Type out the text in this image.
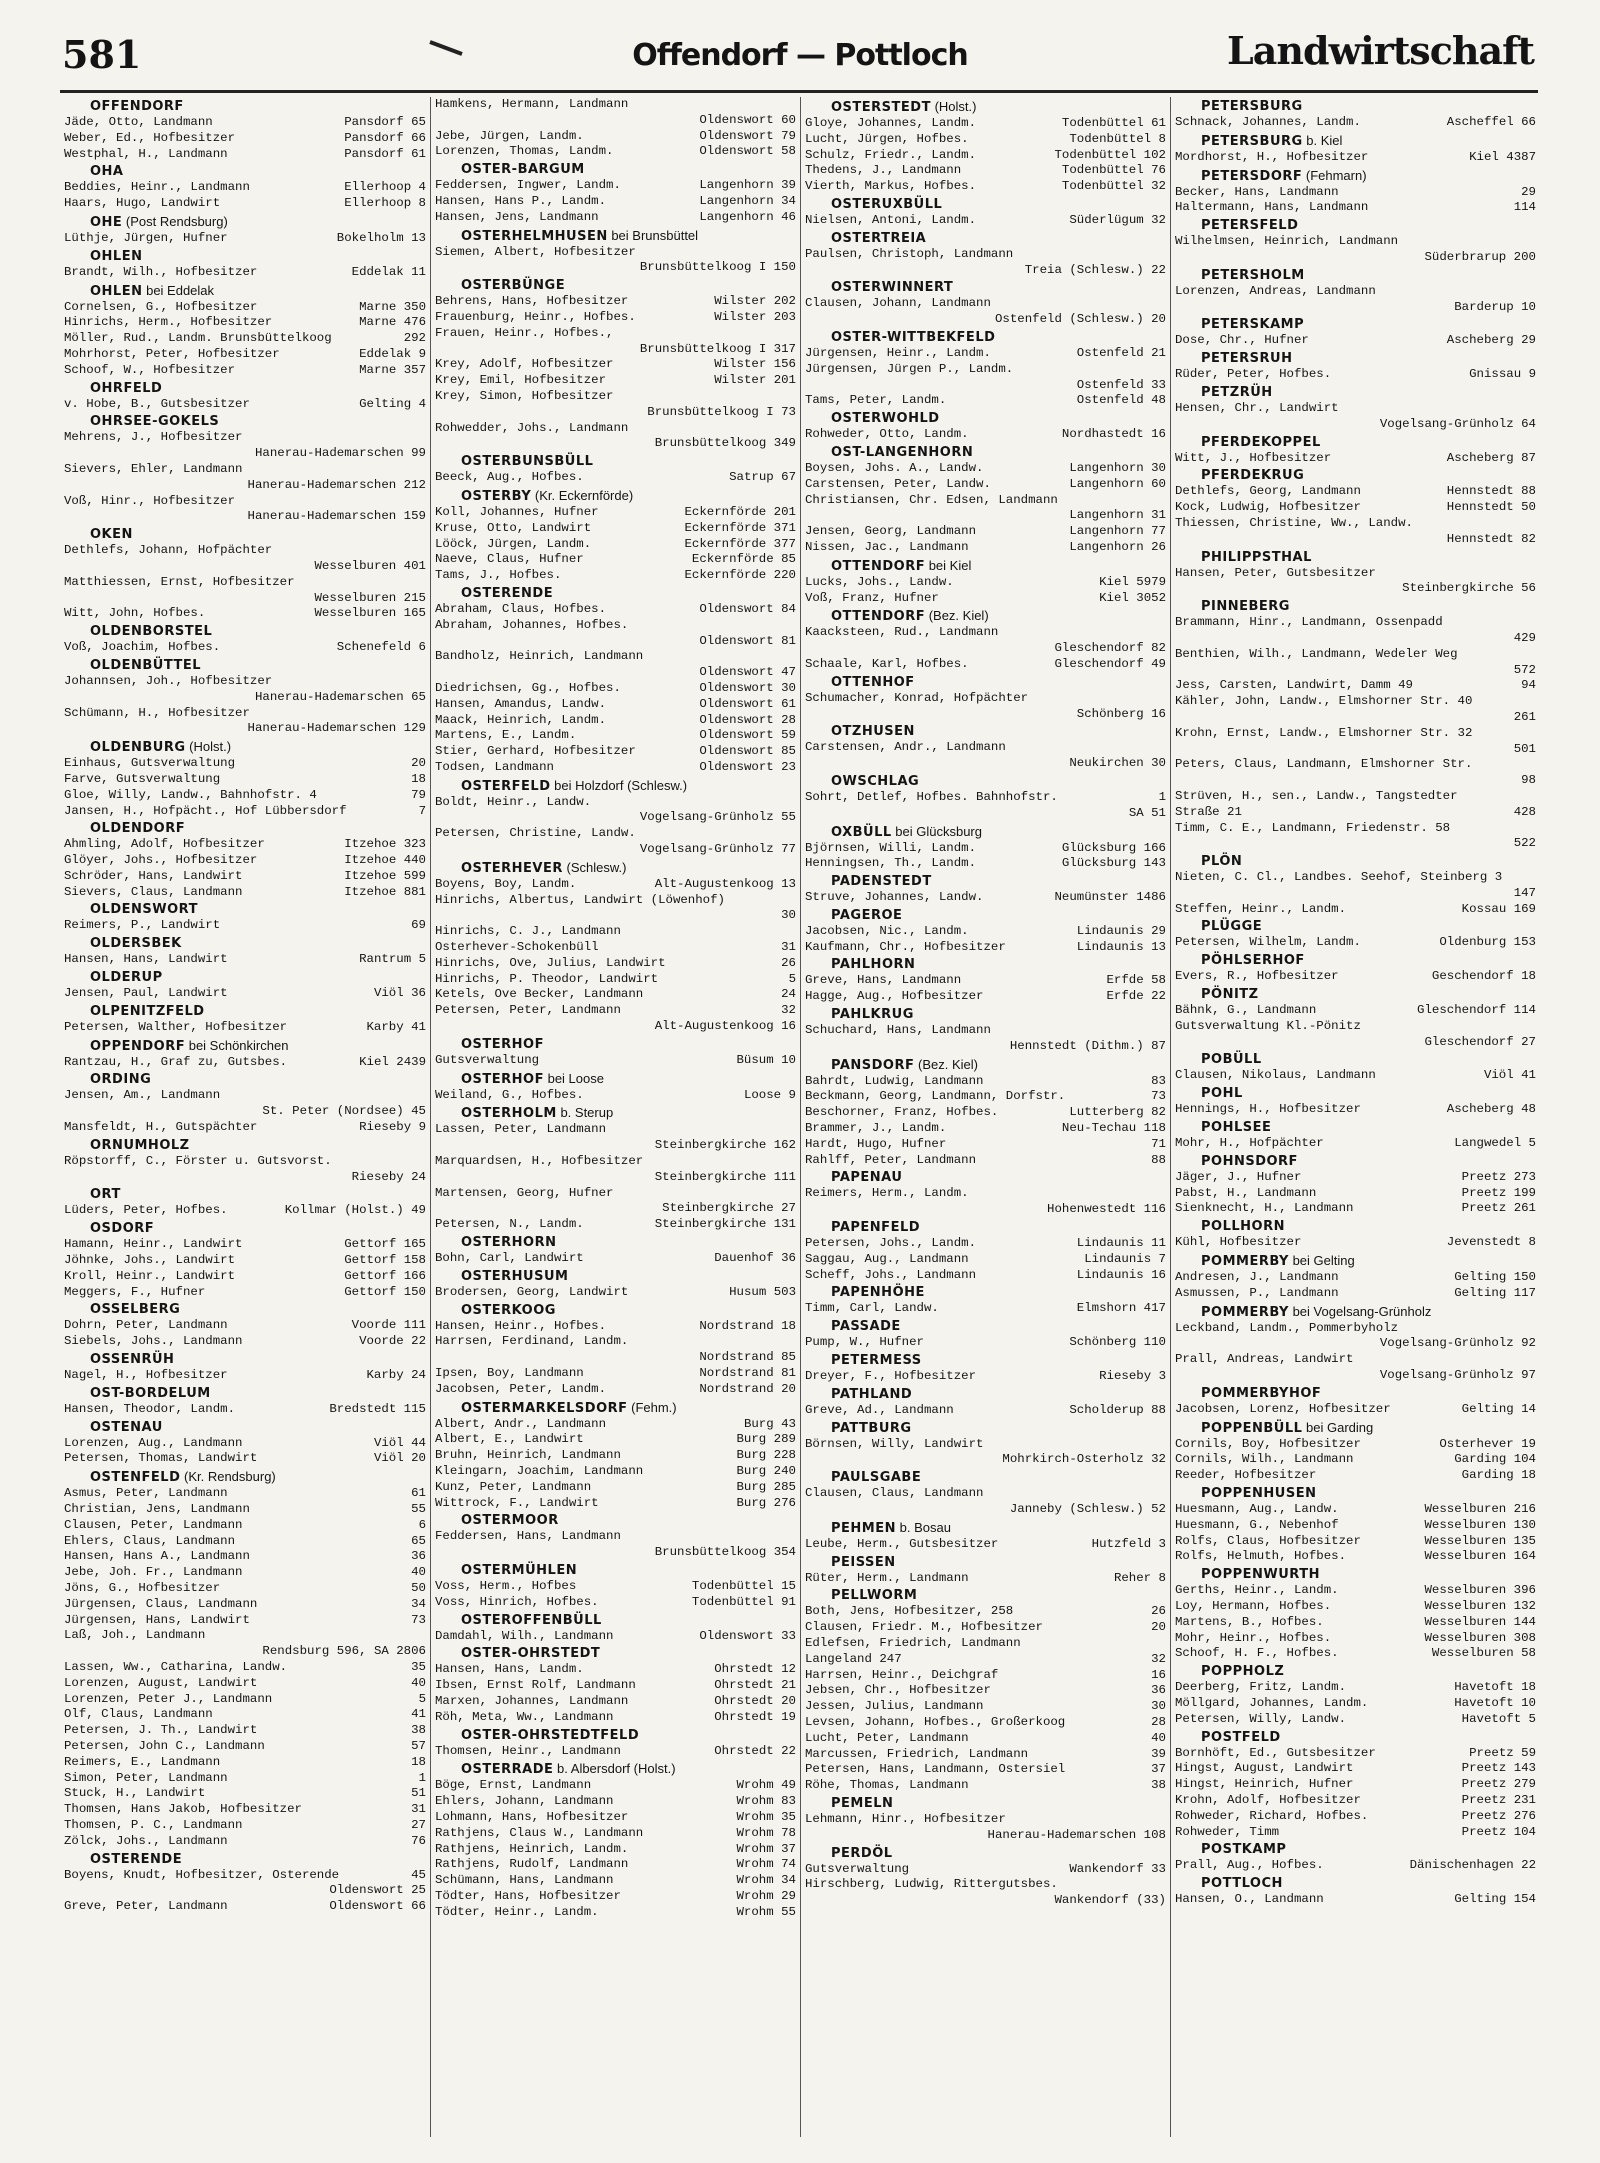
581	Offendorf — Pottloch	Landwirtschaft
OFFENDORF
Jäde, Otto, Landmann	Pansdorf 65
Weber, Ed., Hofbesitzer	Pansdorf 66
Westphal, H., Landmann	Pansdorf 61
OHA
Beddies, Heinr., Landmann	Ellerhoop 4
Haars, Hugo, Landwirt	Ellerhoop 8
OHE (Post Rendsburg)
Lüthje, Jürgen, Hufner	Bokelholm 13
OHLEN
Brandt, Wilh., Hofbesitzer	Eddelak 11
OHLEN bei Eddelak
Cornelsen, G., Hofbesitzer	Marne 350
Hinrichs, Herm., Hofbesitzer	Marne 476
Möller, Rud., Landm. Brunsbüttelkoog	292
Mohrhorst, Peter, Hofbesitzer	Eddelak 9
Schoof, W., Hofbesitzer	Marne 357
OHRFELD
v. Hobe, B., Gutsbesitzer	Gelting 4
OHRSEE-GOKELS
Mehrens, J., Hofbesitzer
Hanerau-Hademarschen 99
Sievers, Ehler, Landmann
Hanerau-Hademarschen 212
Voß, Hinr., Hofbesitzer
Hanerau-Hademarschen 159
OKEN
Dethlefs, Johann, Hofpächter
Wesselburen 401
Matthiessen, Ernst, Hofbesitzer
Wesselburen 215
Witt, John, Hofbes.	Wesselburen 165
OLDENBORSTEL
Voß, Joachim, Hofbes.	Schenefeld 6
OLDENBÜTTEL
Johannsen, Joh., Hofbesitzer
Hanerau-Hademarschen 65
Schümann, H., Hofbesitzer
Hanerau-Hademarschen 129
OLDENBURG (Holst.)
Einhaus, Gutsverwaltung	20
Farve, Gutsverwaltung	18
Gloe, Willy, Landw., Bahnhofstr. 4	79
Jansen, H., Hofpächt., Hof Lübbersdorf	7
OLDENDORF
Ahmling, Adolf, Hofbesitzer	Itzehoe 323
Glöyer, Johs., Hofbesitzer	Itzehoe 440
Schröder, Hans, Landwirt	Itzehoe 599
Sievers, Claus, Landmann	Itzehoe 881
OLDENSWORT
Reimers, P., Landwirt	69
OLDERSBEK
Hansen, Hans, Landwirt	Rantrum 5
OLDERUP
Jensen, Paul, Landwirt	Viöl 36
OLPENITZFELD
Petersen, Walther, Hofbesitzer	Karby 41
OPPENDORF bei Schönkirchen
Rantzau, H., Graf zu, Gutsbes.	Kiel 2439
ORDING
Jensen, Am., Landmann
St. Peter (Nordsee) 45
Mansfeldt, H., Gutspächter	Rieseby 9
ORNUMHOLZ
Röpstorff, C., Förster u. Gutsvorst.
Rieseby 24
ORT
Lüders, Peter, Hofbes.	Kollmar (Holst.) 49
OSDORF
Hamann, Heinr., Landwirt	Gettorf 165
Jöhnke, Johs., Landwirt	Gettorf 158
Kroll, Heinr., Landwirt	Gettorf 166
Meggers, F., Hufner	Gettorf 150
OSSELBERG
Dohrn, Peter, Landmann	Voorde 111
Siebels, Johs., Landmann	Voorde 22
OSSENRÜH
Nagel, H., Hofbesitzer	Karby 24
OST-BORDELUM
Hansen, Theodor, Landm.	Bredstedt 115
OSTENAU
Lorenzen, Aug., Landmann	Viöl 44
Petersen, Thomas, Landwirt	Viöl 20
OSTENFELD (Kr. Rendsburg)
Asmus, Peter, Landmann	61
Christian, Jens, Landmann	55
Clausen, Peter, Landmann	6
Ehlers, Claus, Landmann	65
Hansen, Hans A., Landmann	36
Jebe, Joh. Fr., Landmann	40
Jöns, G., Hofbesitzer	50
Jürgensen, Claus, Landmann	34
Jürgensen, Hans, Landwirt	73
Laß, Joh., Landmann
Rendsburg 596, SA 2806
Lassen, Ww., Catharina, Landw.	35
Lorenzen, August, Landwirt	40
Lorenzen, Peter J., Landmann	5
Olf, Claus, Landmann	41
Petersen, J. Th., Landwirt	38
Petersen, John C., Landmann	57
Reimers, E., Landmann	18
Simon, Peter, Landmann	1
Stuck, H., Landwirt	51
Thomsen, Hans Jakob, Hofbesitzer	31
Thomsen, P. C., Landmann	27
Zölck, Johs., Landmann	76
OSTERENDE
Boyens, Knudt, Hofbesitzer, Osterende	45
Oldenswort 25
Greve, Peter, Landmann	Oldenswort 66
Hamkens, Hermann, Landmann
Oldenswort 60
Jebe, Jürgen, Landm.	Oldenswort 79
Lorenzen, Thomas, Landm.	Oldenswort 58
OSTER-BARGUM
Feddersen, Ingwer, Landm.	Langenhorn 39
Hansen, Hans P., Landm.	Langenhorn 34
Hansen, Jens, Landmann	Langenhorn 46
OSTERHELMHUSEN bei Brunsbüttel
Siemen, Albert, Hofbesitzer
Brunsbüttelkoog I 150
OSTERBÜNGE
Behrens, Hans, Hofbesitzer	Wilster 202
Frauenburg, Heinr., Hofbes.	Wilster 203
Frauen, Heinr., Hofbes.,
Brunsbüttelkoog I 317
Krey, Adolf, Hofbesitzer	Wilster 156
Krey, Emil, Hofbesitzer	Wilster 201
Krey, Simon, Hofbesitzer
Brunsbüttelkoog I 73
Rohwedder, Johs., Landmann
Brunsbüttelkoog 349
OSTERBUNSBÜLL
Beeck, Aug., Hofbes.	Satrup 67
OSTERBY (Kr. Eckernförde)
Koll, Johannes, Hufner	Eckernförde 201
Kruse, Otto, Landwirt	Eckernförde 371
Lööck, Jürgen, Landm.	Eckernförde 377
Naeve, Claus, Hufner	Eckernförde 85
Tams, J., Hofbes.	Eckernförde 220
OSTERENDE
Abraham, Claus, Hofbes.	Oldenswort 84
Abraham, Johannes, Hofbes.
Oldenswort 81
Bandholz, Heinrich, Landmann
Oldenswort 47
Diedrichsen, Gg., Hofbes.	Oldenswort 30
Hansen, Amandus, Landw.	Oldenswort 61
Maack, Heinrich, Landm.	Oldenswort 28
Martens, E., Landm.	Oldenswort 59
Stier, Gerhard, Hofbesitzer	Oldenswort 85
Todsen, Landmann	Oldenswort 23
OSTERFELD bei Holzdorf (Schlesw.)
Boldt, Heinr., Landw.
Vogelsang-Grünholz 55
Petersen, Christine, Landw.
Vogelsang-Grünholz 77
OSTERHEVER (Schlesw.)
Boyens, Boy, Landm.	Alt-Augustenkoog 13
Hinrichs, Albertus, Landwirt (Löwenhof)
30
Hinrichs, C. J., Landmann
Osterhever-Schokenbüll	31
Hinrichs, Ove, Julius, Landwirt	26
Hinrichs, P. Theodor, Landwirt	5
Ketels, Ove Becker, Landmann	24
Petersen, Peter, Landmann	32
Alt-Augustenkoog 16
OSTERHOF
Gutsverwaltung	Büsum 10
OSTERHOF bei Loose
Weiland, G., Hofbes.	Loose 9
OSTERHOLM b. Sterup
Lassen, Peter, Landmann
Steinbergkirche 162
Marquardsen, H., Hofbesitzer
Steinbergkirche 111
Martensen, Georg, Hufner
Steinbergkirche 27
Petersen, N., Landm.	Steinbergkirche 131
OSTERHORN
Bohn, Carl, Landwirt	Dauenhof 36
OSTERHUSUM
Brodersen, Georg, Landwirt	Husum 503
OSTERKOOG
Hansen, Heinr., Hofbes.	Nordstrand 18
Harrsen, Ferdinand, Landm.
Nordstrand 85
Ipsen, Boy, Landmann	Nordstrand 81
Jacobsen, Peter, Landm.	Nordstrand 20
OSTERMARKELSDORF (Fehm.)
Albert, Andr., Landmann	Burg 43
Albert, E., Landwirt	Burg 289
Bruhn, Heinrich, Landmann	Burg 228
Kleingarn, Joachim, Landmann	Burg 240
Kunz, Peter, Landmann	Burg 285
Wittrock, F., Landwirt	Burg 276
OSTERMOOR
Feddersen, Hans, Landmann
Brunsbüttelkoog 354
OSTERMÜHLEN
Voss, Herm., Hofbes	Todenbüttel 15
Voss, Hinrich, Hofbes.	Todenbüttel 91
OSTEROFFENBÜLL
Damdahl, Wilh., Landmann	Oldenswort 33
OSTER-OHRSTEDT
Hansen, Hans, Landm.	Ohrstedt 12
Ibsen, Ernst Rolf, Landmann	Ohrstedt 21
Marxen, Johannes, Landmann	Ohrstedt 20
Röh, Meta, Ww., Landmann	Ohrstedt 19
OSTER-OHRSTEDTFELD
Thomsen, Heinr., Landmann	Ohrstedt 22
OSTERRADE b. Albersdorf (Holst.)
Böge, Ernst, Landmann	Wrohm 49
Ehlers, Johann, Landmann	Wrohm 83
Lohmann, Hans, Hofbesitzer	Wrohm 35
Rathjens, Claus W., Landmann	Wrohm 78
Rathjens, Heinrich, Landm.	Wrohm 37
Rathjens, Rudolf, Landmann	Wrohm 74
Schümann, Hans, Landmann	Wrohm 34
Tödter, Hans, Hofbesitzer	Wrohm 29
Tödter, Heinr., Landm.	Wrohm 55
OSTERSTEDT (Holst.)
Gloye, Johannes, Landm.	Todenbüttel 61
Lucht, Jürgen, Hofbes.	Todenbüttel 8
Schulz, Friedr., Landm.	Todenbüttel 102
Thedens, J., Landmann	Todenbüttel 76
Vierth, Markus, Hofbes.	Todenbüttel 32
OSTERUXBÜLL
Nielsen, Antoni, Landm.	Süderlügum 32
OSTERTREIA
Paulsen, Christoph, Landmann
Treia (Schlesw.) 22
OSTERWINNERT
Clausen, Johann, Landmann
Ostenfeld (Schlesw.) 20
OSTER-WITTBEKFELD
Jürgensen, Heinr., Landm.	Ostenfeld 21
Jürgensen, Jürgen P., Landm.
Ostenfeld 33
Tams, Peter, Landm.	Ostenfeld 48
OSTERWOHLD
Rohweder, Otto, Landm.	Nordhastedt 16
OST-LANGENHORN
Boysen, Johs. A., Landw.	Langenhorn 30
Carstensen, Peter, Landw.	Langenhorn 60
Christiansen, Chr. Edsen, Landmann
Langenhorn 31
Jensen, Georg, Landmann	Langenhorn 77
Nissen, Jac., Landmann	Langenhorn 26
OTTENDORF bei Kiel
Lucks, Johs., Landw.	Kiel 5979
Voß, Franz, Hufner	Kiel 3052
OTTENDORF (Bez. Kiel)
Kaacksteen, Rud., Landmann
Gleschendorf 82
Schaale, Karl, Hofbes.	Gleschendorf 49
OTTENHOF
Schumacher, Konrad, Hofpächter
Schönberg 16
OTZHUSEN
Carstensen, Andr., Landmann
Neukirchen 30
OWSCHLAG
Sohrt, Detlef, Hofbes. Bahnhofstr.	1
SA 51
OXBÜLL bei Glücksburg
Björnsen, Willi, Landm.	Glücksburg 166
Henningsen, Th., Landm.	Glücksburg 143
PADENSTEDT
Struve, Johannes, Landw.	Neumünster 1486
PAGEROE
Jacobsen, Nic., Landm.	Lindaunis 29
Kaufmann, Chr., Hofbesitzer	Lindaunis 13
PAHLHORN
Greve, Hans, Landmann	Erfde 58
Hagge, Aug., Hofbesitzer	Erfde 22
PAHLKRUG
Schuchard, Hans, Landmann
Hennstedt (Dithm.) 87
PANSDORF (Bez. Kiel)
Bahrdt, Ludwig, Landmann	83
Beckmann, Georg, Landmann, Dorfstr.	73
Beschorner, Franz, Hofbes.	Lutterberg 82
Brammer, J., Landm.	Neu-Techau 118
Hardt, Hugo, Hufner	71
Rahlff, Peter, Landmann	88
PAPENAU
Reimers, Herm., Landm.
Hohenwestedt 116
PAPENFELD
Petersen, Johs., Landm.	Lindaunis 11
Saggau, Aug., Landmann	Lindaunis 7
Scheff, Johs., Landmann	Lindaunis 16
PAPENHÖHE
Timm, Carl, Landw.	Elmshorn 417
PASSADE
Pump, W., Hufner	Schönberg 110
PETERMESS
Dreyer, F., Hofbesitzer	Rieseby 3
PATHLAND
Greve, Ad., Landmann	Scholderup 88
PATTBURG
Börnsen, Willy, Landwirt
Mohrkirch-Osterholz 32
PAULSGABE
Clausen, Claus, Landmann
Janneby (Schlesw.) 52
PEHMEN b. Bosau
Leube, Herm., Gutsbesitzer	Hutzfeld 3
PEISSEN
Rüter, Herm., Landmann	Reher 8
PELLWORM
Both, Jens, Hofbesitzer, 258	26
Clausen, Friedr. M., Hofbesitzer	20
Edlefsen, Friedrich, Landmann
Langeland 247	32
Harrsen, Heinr., Deichgraf	16
Jebsen, Chr., Hofbesitzer	36
Jessen, Julius, Landmann	30
Levsen, Johann, Hofbes., Großerkoog	28
Lucht, Peter, Landmann	40
Marcussen, Friedrich, Landmann	39
Petersen, Hans, Landmann, Ostersiel	37
Röhe, Thomas, Landmann	38
PEMELN
Lehmann, Hinr., Hofbesitzer
Hanerau-Hademarschen 108
PERDÖL
Gutsverwaltung	Wankendorf 33
Hirschberg, Ludwig, Rittergutsbes.
Wankendorf (33)
PETERSBURG
Schnack, Johannes, Landm.	Ascheffel 66
PETERSBURG b. Kiel
Mordhorst, H., Hofbesitzer	Kiel 4387
PETERSDORF (Fehmarn)
Becker, Hans, Landmann	29
Haltermann, Hans, Landmann	114
PETERSFELD
Wilhelmsen, Heinrich, Landmann
Süderbrarup 200
PETERSHOLM
Lorenzen, Andreas, Landmann
Barderup 10
PETERSKAMP
Dose, Chr., Hufner	Ascheberg 29
PETERSRUH
Rüder, Peter, Hofbes.	Gnissau 9
PETZRÜH
Hensen, Chr., Landwirt
Vogelsang-Grünholz 64
PFERDEKOPPEL
Witt, J., Hofbesitzer	Ascheberg 87
PFERDEKRUG
Dethlefs, Georg, Landmann	Hennstedt 88
Kock, Ludwig, Hofbesitzer	Hennstedt 50
Thiessen, Christine, Ww., Landw.
Hennstedt 82
PHILIPPSTHAL
Hansen, Peter, Gutsbesitzer
Steinbergkirche 56
PINNEBERG
Brammann, Hinr., Landmann, Ossenpadd
429
Benthien, Wilh., Landmann, Wedeler Weg
572
Jess, Carsten, Landwirt, Damm 49	94
Kähler, John, Landw., Elmshorner Str. 40
261
Krohn, Ernst, Landw., Elmshorner Str. 32
501
Peters, Claus, Landmann, Elmshorner Str.
98
Strüven, H., sen., Landw., Tangstedter
Straße 21	428
Timm, C. E., Landmann, Friedenstr. 58
522
PLÖN
Nieten, C. Cl., Landbes. Seehof, Steinberg 3
147
Steffen, Heinr., Landm.	Kossau 169
PLÜGGE
Petersen, Wilhelm, Landm.	Oldenburg 153
PÖHLSERHOF
Evers, R., Hofbesitzer	Geschendorf 18
PÖNITZ
Bähnk, G., Landmann	Gleschendorf 114
Gutsverwaltung Kl.-Pönitz
Gleschendorf 27
POBÜLL
Clausen, Nikolaus, Landmann	Viöl 41
POHL
Hennings, H., Hofbesitzer	Ascheberg 48
POHLSEE
Mohr, H., Hofpächter	Langwedel 5
POHNSDORF
Jäger, J., Hufner	Preetz 273
Pabst, H., Landmann	Preetz 199
Sienknecht, H., Landmann	Preetz 261
POLLHORN
Kühl, Hofbesitzer	Jevenstedt 8
POMMERBY bei Gelting
Andresen, J., Landmann	Gelting 150
Asmussen, P., Landmann	Gelting 117
POMMERBY bei Vogelsang-Grünholz
Leckband, Landm., Pommerbyholz
Vogelsang-Grünholz 92
Prall, Andreas, Landwirt
Vogelsang-Grünholz 97
POMMERBYHOF
Jacobsen, Lorenz, Hofbesitzer	Gelting 14
POPPENBÜLL bei Garding
Cornils, Boy, Hofbesitzer	Osterhever 19
Cornils, Wilh., Landmann	Garding 104
Reeder, Hofbesitzer	Garding 18
POPPENHUSEN
Huesmann, Aug., Landw.	Wesselburen 216
Huesmann, G., Nebenhof	Wesselburen 130
Rolfs, Claus, Hofbesitzer	Wesselburen 135
Rolfs, Helmuth, Hofbes.	Wesselburen 164
POPPENWURTH
Gerths, Heinr., Landm.	Wesselburen 396
Loy, Hermann, Hofbes.	Wesselburen 132
Martens, B., Hofbes.	Wesselburen 144
Mohr, Heinr., Hofbes.	Wesselburen 308
Schoof, H. F., Hofbes.	Wesselburen 58
POPPHOLZ
Deerberg, Fritz, Landm.	Havetoft 18
Möllgard, Johannes, Landm.	Havetoft 10
Petersen, Willy, Landw.	Havetoft 5
POSTFELD
Bornhöft, Ed., Gutsbesitzer	Preetz 59
Hingst, August, Landwirt	Preetz 143
Hingst, Heinrich, Hufner	Preetz 279
Krohn, Adolf, Hofbesitzer	Preetz 231
Rohweder, Richard, Hofbes.	Preetz 276
Rohweder, Timm	Preetz 104
POSTKAMP
Prall, Aug., Hofbes.	Dänischenhagen 22
POTTLOCH
Hansen, O., Landmann	Gelting 154
